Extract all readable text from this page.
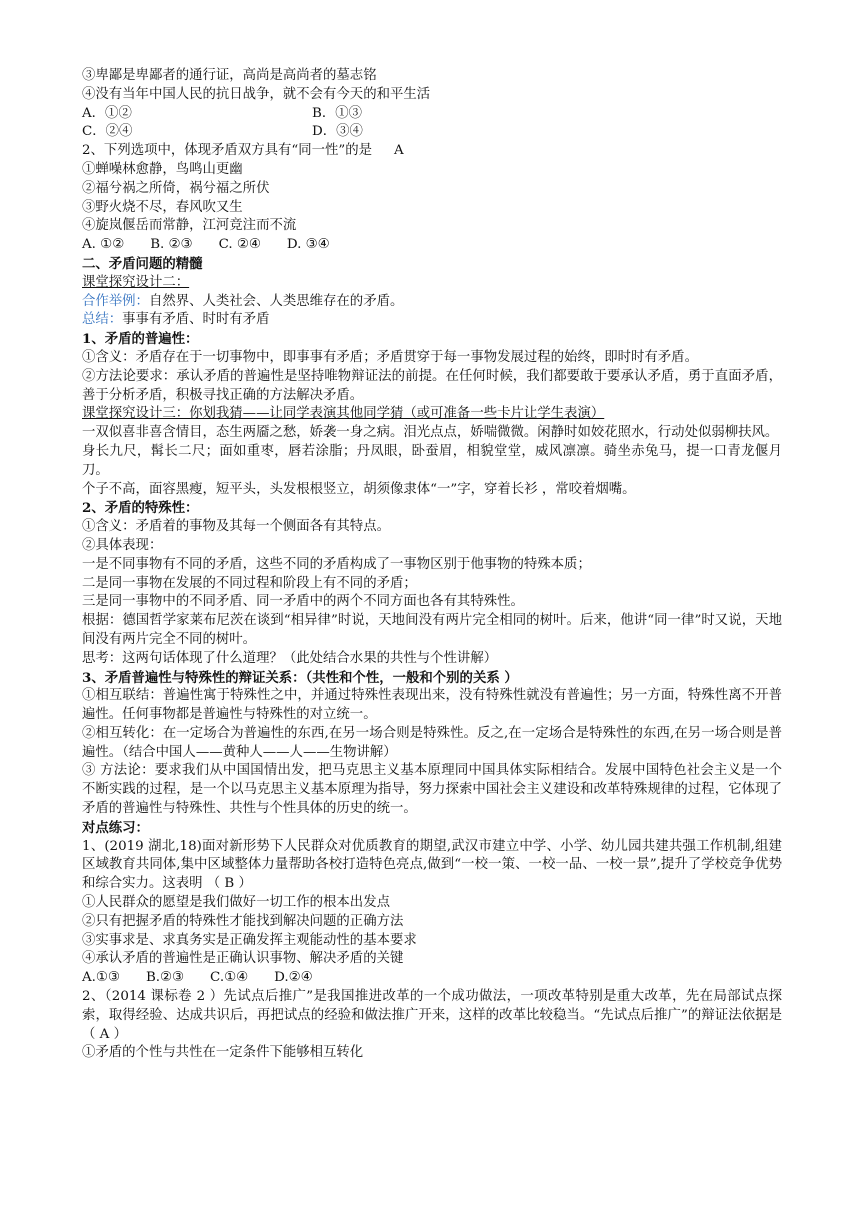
③卑鄙是卑鄙者的通行证，高尚是高尚者的墓志铭
④没有当年中国人民的抗日战争，就不会有今天的和平生活
A．①②	B．①③
C．②④	D．③④
2、下列选项中，体现矛盾双方具有“同一性”的是 A
①蝉噪林愈静，鸟鸣山更幽
②福兮祸之所倚，祸兮福之所伏
③野火烧不尽，春风吹又生
④旋岚偃岳而常静，江河竞注而不流
A. ①② B. ②③ C. ②④ D. ③④
二、矛盾问题的精髓
课堂探究设计二：
合作举例：自然界、人类社会、人类思维存在的矛盾。
总结：事事有矛盾、时时有矛盾
1、矛盾的普遍性：
①含义：矛盾存在于一切事物中，即事事有矛盾；矛盾贯穿于每一事物发展过程的始终，即时时有矛盾。
②方法论要求：承认矛盾的普遍性是坚持唯物辩证法的前提。在任何时候，我们都要敢于要承认矛盾，勇于直面矛盾，善于分析矛盾，积极寻找正确的方法解决矛盾。
课堂探究设计三：你划我猜——让同学表演其他同学猜（或可准备一些卡片让学生表演）
一双似喜非喜含情目，态生两靥之愁，娇袭一身之病。泪光点点，娇喘微微。闲静时如姣花照水，行动处似弱柳扶风。
身长九尺，髯长二尺；面如重枣，唇若涂脂；丹凤眼，卧蚕眉，相貌堂堂，威风凛凛。骑坐赤兔马，提一口青龙偃月刀。
个子不高，面容黑瘦，短平头，头发根根竖立，胡须像隶体“一”字，穿着长衫 ，常咬着烟嘴。
2、矛盾的特殊性：
①含义：矛盾着的事物及其每一个侧面各有其特点。
②具体表现：
一是不同事物有不同的矛盾，这些不同的矛盾构成了一事物区别于他事物的特殊本质；
二是同一事物在发展的不同过程和阶段上有不同的矛盾；
三是同一事物中的不同矛盾、同一矛盾中的两个不同方面也各有其特殊性。
根据：德国哲学家莱布尼茨在谈到“相异律”时说，天地间没有两片完全相同的树叶。后来，他讲“同一律”时又说，天地间没有两片完全不同的树叶。
思考：这两句话体现了什么道理？（此处结合水果的共性与个性讲解）
3、矛盾普遍性与特殊性的辩证关系：（共性和个性，一般和个别的关系 ）
①相互联结：普遍性寓于特殊性之中，并通过特殊性表现出来，没有特殊性就没有普遍性；另一方面，特殊性离不开普遍性。任何事物都是普遍性与特殊性的对立统一。
②相互转化：在一定场合为普遍性的东西,在另一场合则是特殊性。反之,在一定场合是特殊性的东西,在另一场合则是普遍性。（结合中国人——黄种人——人——生物讲解）
③ 方法论：要求我们从中国国情出发，把马克思主义基本原理同中国具体实际相结合。发展中国特色社会主义是一个不断实践的过程，是一个以马克思主义基本原理为指导，努力探索中国社会主义建设和改革特殊规律的过程，它体现了矛盾的普遍性与特殊性、共性与个性具体的历史的统一。
对点练习：
1、(2019 湖北,18)面对新形势下人民群众对优质教育的期望,武汉市建立中学、小学、幼儿园共建共强工作机制,组建区域教育共同体,集中区域整体力量帮助各校打造特色亮点,做到“一校一策、一校一品、一校一景”,提升了学校竞争优势和综合实力。这表明 （ B ）
①人民群众的愿望是我们做好一切工作的根本出发点
②只有把握矛盾的特殊性才能找到解决问题的正确方法
③实事求是、求真务实是正确发挥主观能动性的基本要求
④承认矛盾的普遍性是正确认识事物、解决矛盾的关键
A.①③ B.②③ C.①④ D.②④
2、（2014 课标卷 2 ）先试点后推广”是我国推进改革的一个成功做法，一项改革特别是重大改革，先在局部试点探索，取得经验、达成共识后，再把试点的经验和做法推广开来，这样的改革比较稳当。“先试点后推广”的辩证法依据是（ A ）
①矛盾的个性与共性在一定条件下能够相互转化
